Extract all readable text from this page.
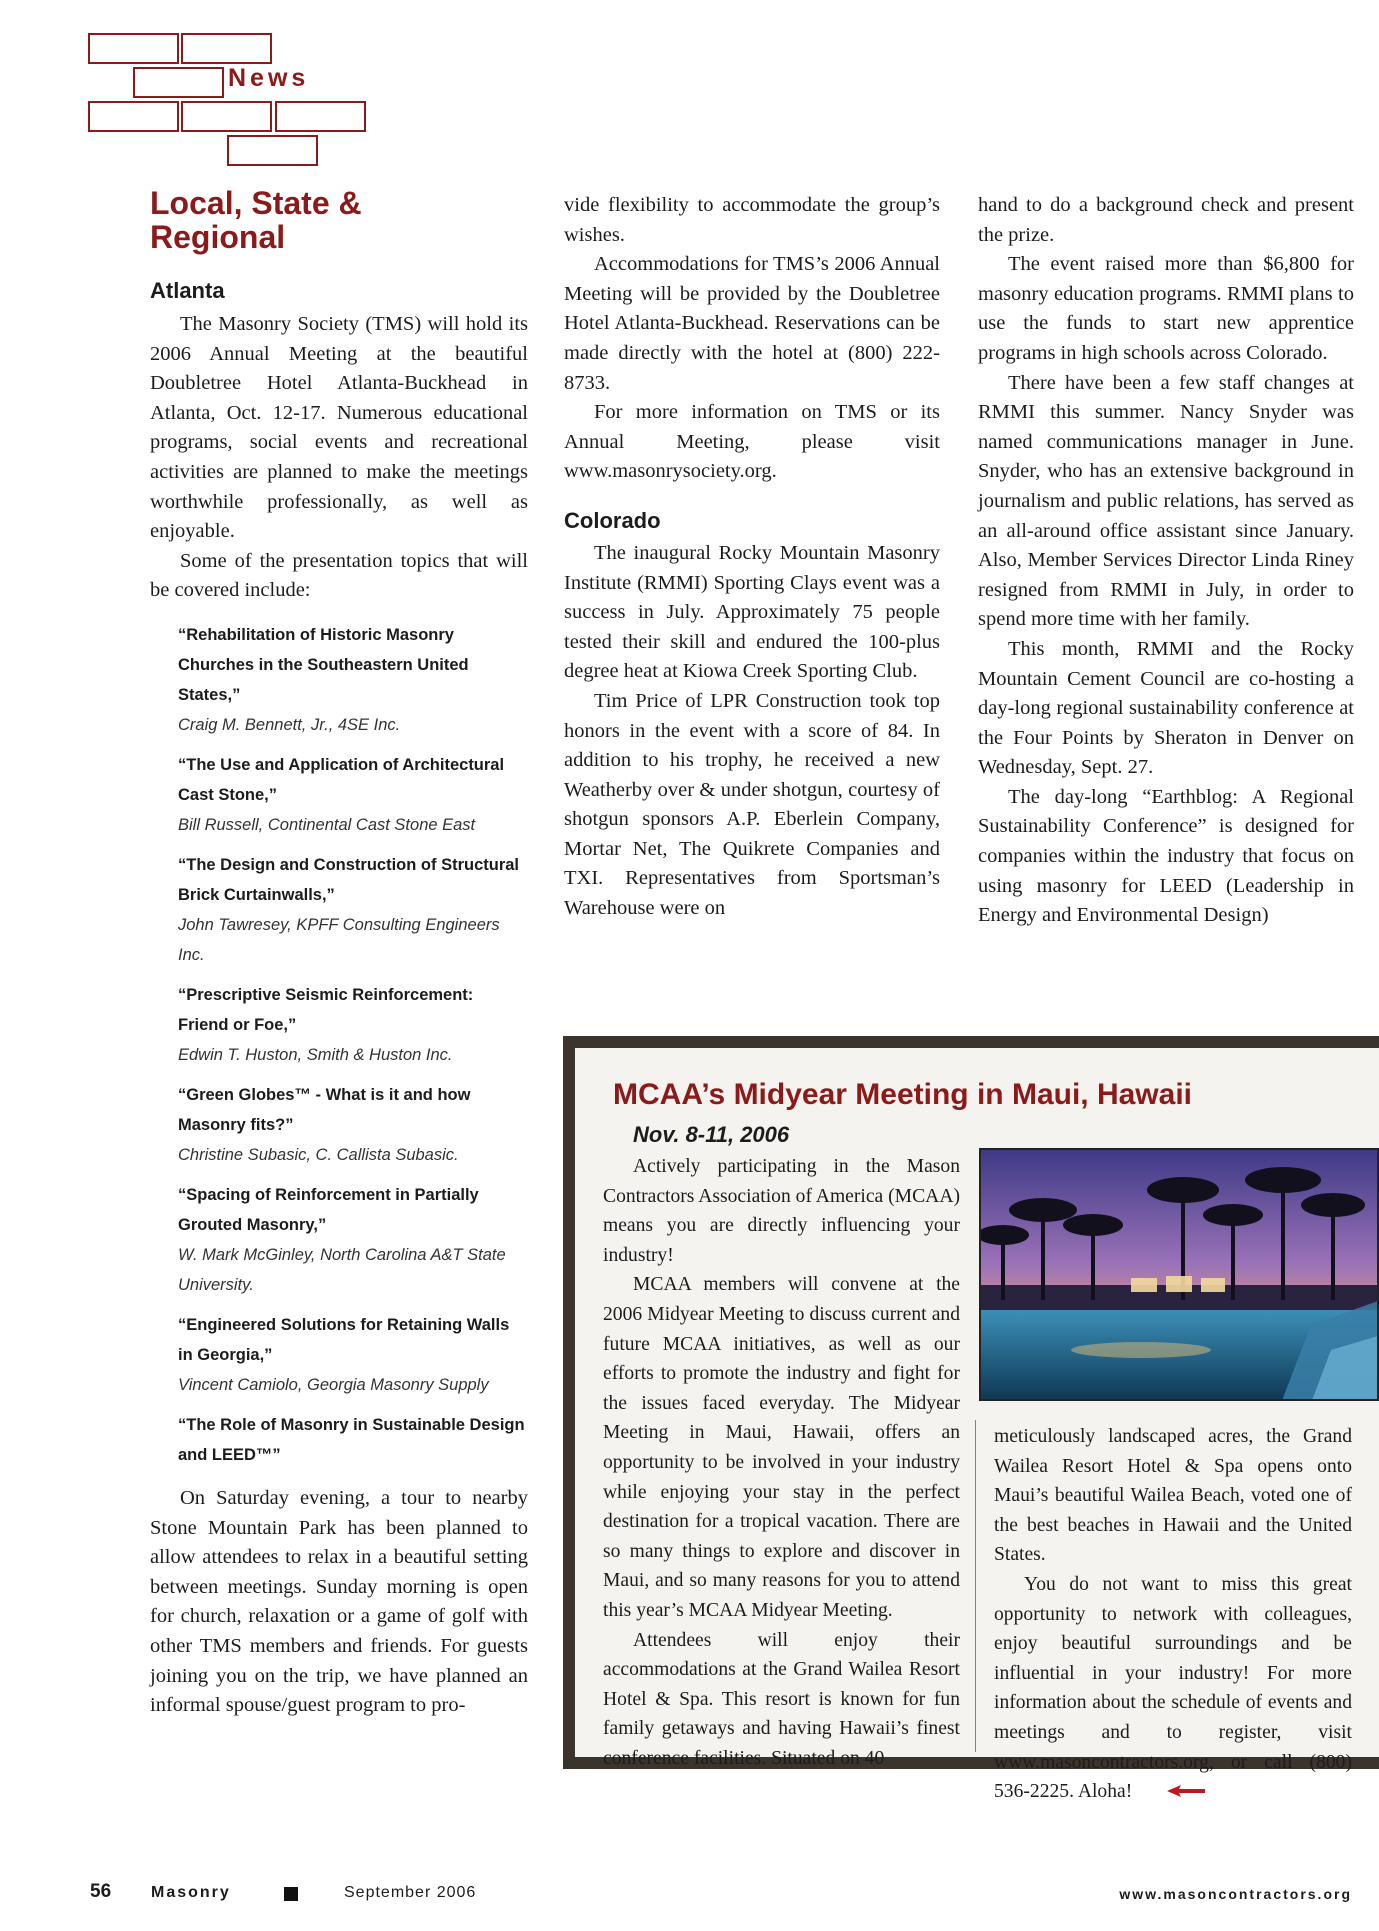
News
Local, State & Regional
Atlanta

The Masonry Society (TMS) will hold its 2006 Annual Meeting at the beautiful Doubletree Hotel Atlanta-Buckhead in Atlanta, Oct. 12-17. Numerous educational programs, social events and recreational activities are planned to make the meetings worthwhile professionally, as well as enjoyable.

Some of the presentation topics that will be covered include:

“Rehabilitation of Historic Masonry Churches in the Southeastern United States,”
Craig M. Bennett, Jr., 4SE Inc.
“The Use and Application of Architectural Cast Stone,”
Bill Russell, Continental Cast Stone East
“The Design and Construction of Structural Brick Curtainwalls,”
John Tawresey, KPFF Consulting Engineers Inc.
“Prescriptive Seismic Reinforcement: Friend or Foe,”
Edwin T. Huston, Smith & Huston Inc.
“Green Globes™ - What is it and how Masonry fits?”
Christine Subasic, C. Callista Subasic.
“Spacing of Reinforcement in Partially Grouted Masonry,”
W. Mark McGinley, North Carolina A&T State University.
“Engineered Solutions for Retaining Walls in Georgia,”
Vincent Camiolo, Georgia Masonry Supply
“The Role of Masonry in Sustainable Design and LEED™”

On Saturday evening, a tour to nearby Stone Mountain Park has been planned to allow attendees to relax in a beautiful setting between meetings. Sunday morning is open for church, relaxation or a game of golf with other TMS members and friends. For guests joining you on the trip, we have planned an informal spouse/guest program to pro-

vide flexibility to accommodate the group’s wishes.

Accommodations for TMS’s 2006 Annual Meeting will be provided by the Doubletree Hotel Atlanta-Buckhead. Reservations can be made directly with the hotel at (800) 222-8733.

For more information on TMS or its Annual Meeting, please visit www.masonrysociety.org.

Colorado

The inaugural Rocky Mountain Masonry Institute (RMMI) Sporting Clays event was a success in July. Approximately 75 people tested their skill and endured the 100-plus degree heat at Kiowa Creek Sporting Club.

Tim Price of LPR Construction took top honors in the event with a score of 84. In addition to his trophy, he received a new Weatherby over & under shotgun, courtesy of shotgun sponsors A.P. Eberlein Company, Mortar Net, The Quikrete Companies and TXI. Representatives from Sportsman’s Warehouse were on

hand to do a background check and present the prize.

The event raised more than $6,800 for masonry education programs. RMMI plans to use the funds to start new apprentice programs in high schools across Colorado.

There have been a few staff changes at RMMI this summer. Nancy Snyder was named communications manager in June. Snyder, who has an extensive background in journalism and public relations, has served as an all-around office assistant since January. Also, Member Services Director Linda Riney resigned from RMMI in July, in order to spend more time with her family.

This month, RMMI and the Rocky Mountain Cement Council are co-hosting a day-long regional sustainability conference at the Four Points by Sheraton in Denver on Wednesday, Sept. 27.

The day-long “Earthblog: A Regional Sustainability Conference” is designed for companies within the industry that focus on using masonry for LEED (Leadership in Energy and Environmental Design)

MCAA’s Midyear Meeting in Maui, Hawaii
Nov. 8-11, 2006

Actively participating in the Mason Contractors Association of America (MCAA) means you are directly influencing your industry!

MCAA members will convene at the 2006 Midyear Meeting to discuss current and future MCAA initiatives, as well as our efforts to promote the industry and fight for the issues faced everyday. The Midyear Meeting in Maui, Hawaii, offers an opportunity to be involved in your industry while enjoying your stay in the perfect destination for a tropical vacation. There are so many things to explore and discover in Maui, and so many reasons for you to attend this year’s MCAA Midyear Meeting.

Attendees will enjoy their accommodations at the Grand Wailea Resort Hotel & Spa. This resort is known for fun family getaways and having Hawaii’s finest conference facilities. Situated on 40

meticulously landscaped acres, the Grand Wailea Resort Hotel & Spa opens onto Maui’s beautiful Wailea Beach, voted one of the best beaches in Hawaii and the United States.

You do not want to miss this great opportunity to network with colleagues, enjoy beautiful surroundings and be influential in your industry! For more information about the schedule of events and meetings and to register, visit www.masoncontractors.org, or call (800) 536-2225. Aloha!

56 Masonry	September 2006	www.masoncontractors.org
